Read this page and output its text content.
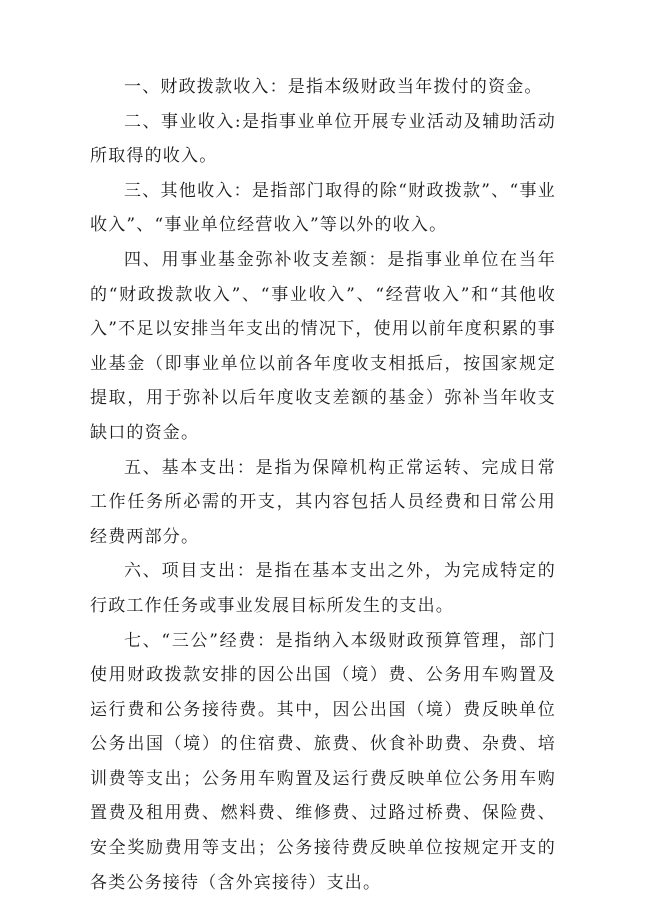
一、财政拨款收入：是指本级财政当年拨付的资金。

二、事业收入:是指事业单位开展专业活动及辅助活动所取得的收入。

三、其他收入：是指部门取得的除“财政拨款”、“事业收入”、“事业单位经营收入”等以外的收入。

四、用事业基金弥补收支差额：是指事业单位在当年的“财政拨款收入”、“事业收入”、“经营收入”和“其他收入”不足以安排当年支出的情况下，使用以前年度积累的事业基金（即事业单位以前各年度收支相抵后，按国家规定提取，用于弥补以后年度收支差额的基金）弥补当年收支缺口的资金。

五、基本支出：是指为保障机构正常运转、完成日常工作任务所必需的开支，其内容包括人员经费和日常公用经费两部分。

六、项目支出：是指在基本支出之外，为完成特定的行政工作任务或事业发展目标所发生的支出。

七、“三公”经费：是指纳入本级财政预算管理，部门使用财政拨款安排的因公出国（境）费、公务用车购置及运行费和公务接待费。其中，因公出国（境）费反映单位公务出国（境）的住宿费、旅费、伙食补助费、杂费、培训费等支出；公务用车购置及运行费反映单位公务用车购置费及租用费、燃料费、维修费、过路过桥费、保险费、安全奖励费用等支出；公务接待费反映单位按规定开支的各类公务接待（含外宾接待）支出。
